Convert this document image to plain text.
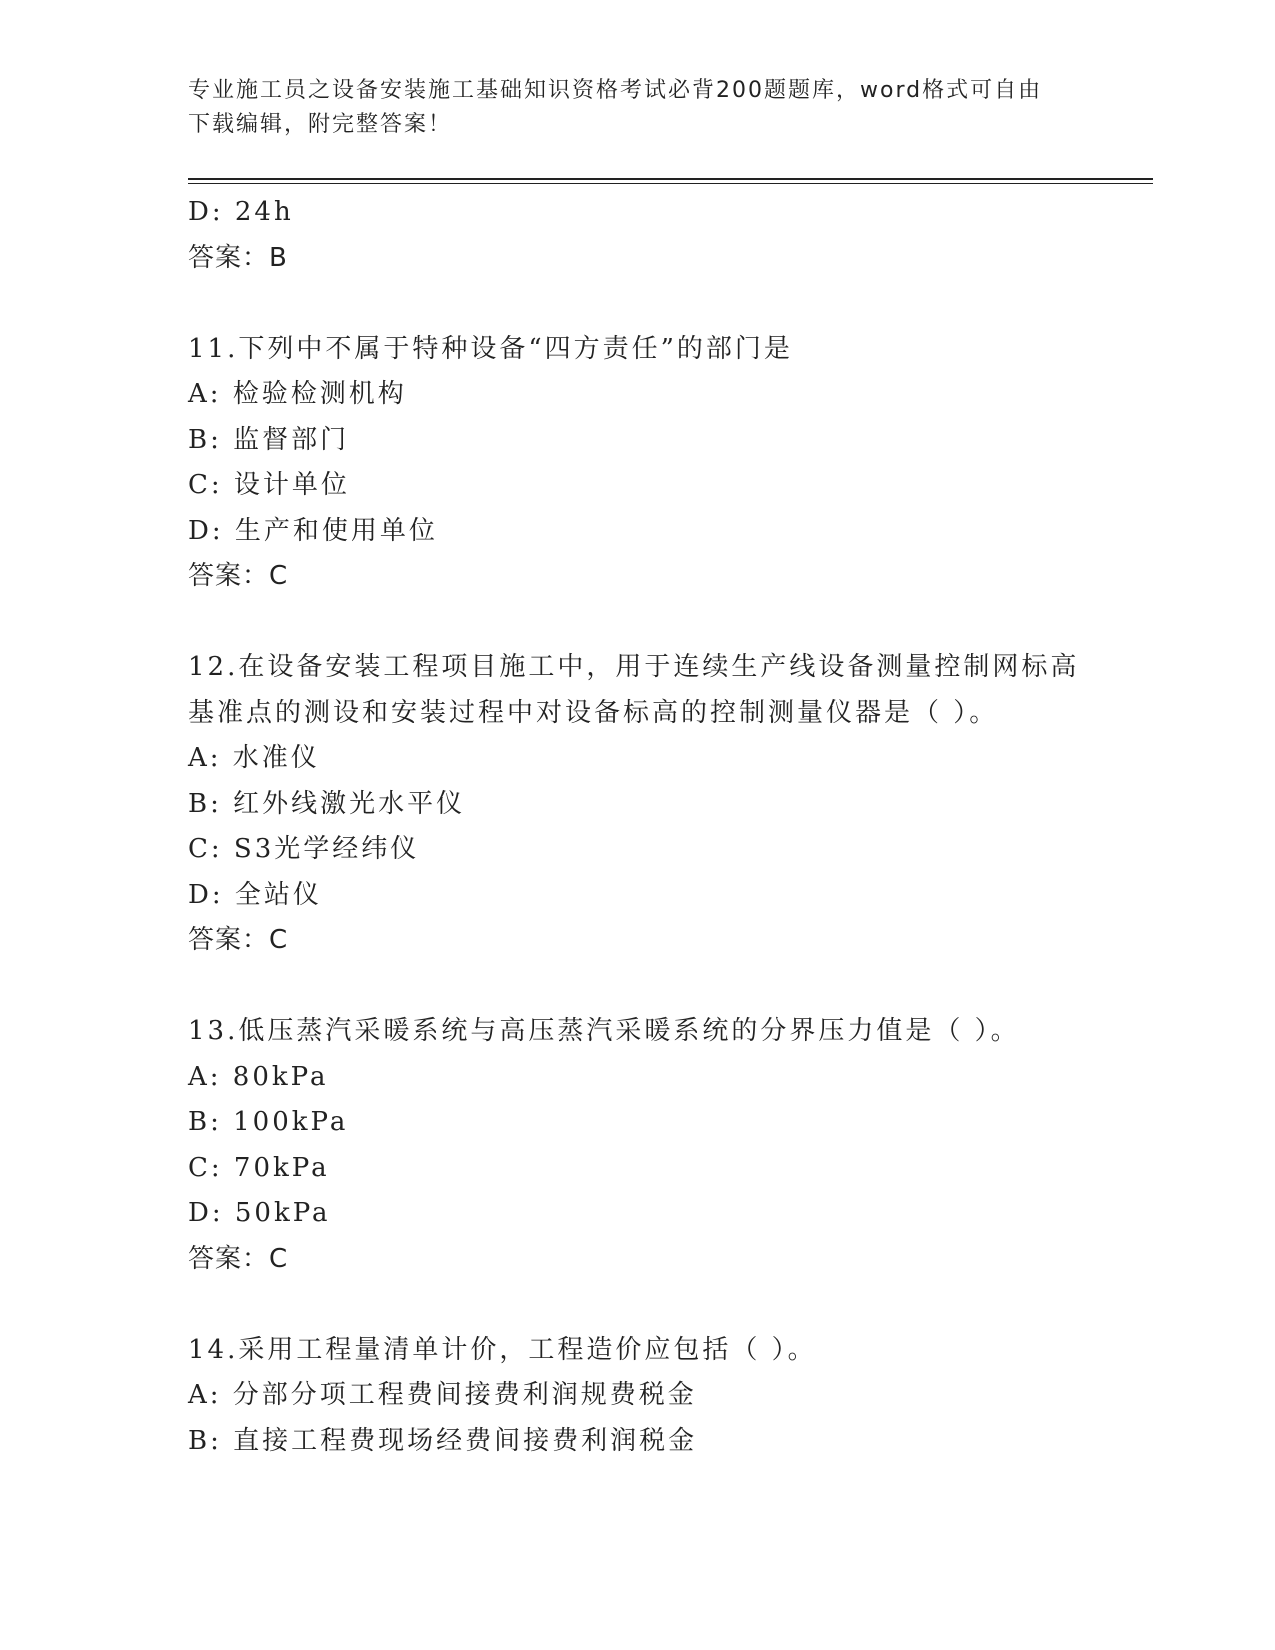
专业施工员之设备安装施工基础知识资格考试必背200题题库，word格式可自由
下载编辑，附完整答案！
D: 24h
答案：B
11.下列中不属于特种设备“四方责任”的部门是
A: 检验检测机构
B: 监督部门
C: 设计单位
D: 生产和使用单位
答案：C
12.在设备安装工程项目施工中，用于连续生产线设备测量控制网标高
基准点的测设和安装过程中对设备标高的控制测量仪器是（ ）。
A: 水准仪
B: 红外线激光水平仪
C: S3光学经纬仪
D: 全站仪
答案：C
13.低压蒸汽采暖系统与高压蒸汽采暖系统的分界压力值是（ ）。
A: 80kPa
B: 100kPa
C: 70kPa
D: 50kPa
答案：C
14.采用工程量清单计价，工程造价应包括（ ）。
A: 分部分项工程费间接费利润规费税金
B: 直接工程费现场经费间接费利润税金
